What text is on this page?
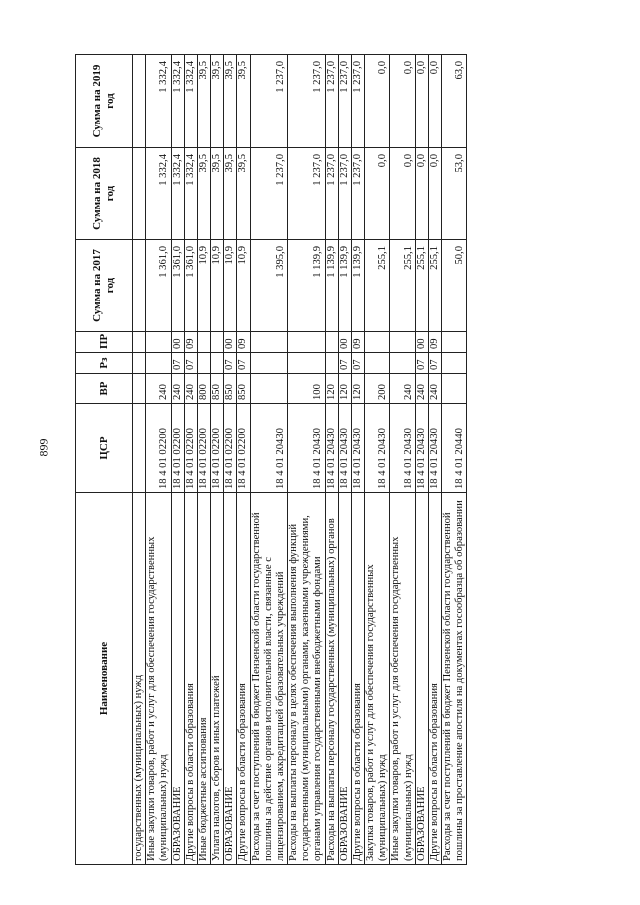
899
Наименование	ЦСР	ВР	Рз	ПР	Сумма на 2017 год	Сумма на 2018 год	Сумма на 2019 год
государственных (муниципальных) нужд							
Иные закупки товаров, работ и услуг для обеспечения государственных (муниципальных) нужд	18 4 01 02200	240			1 361,0	1 332,4	1 332,4
ОБРАЗОВАНИЕ	18 4 01 02200	240	07	00	1 361,0	1 332,4	1 332,4
Другие вопросы в области образования	18 4 01 02200	240	07	09	1 361,0	1 332,4	1 332,4
Иные бюджетные ассигнования	18 4 01 02200	800			10,9	39,5	39,5
Уплата налогов, сборов и иных платежей	18 4 01 02200	850			10,9	39,5	39,5
ОБРАЗОВАНИЕ	18 4 01 02200	850	07	00	10,9	39,5	39,5
Другие вопросы в области образования	18 4 01 02200	850	07	09	10,9	39,5	39,5
Расходы за счет поступлений в бюджет Пензенской области государственной пошлины за действие органов исполнительной власти, связанные с лицензированием, аккредитацией образовательных учреждений	18 4 01 20430				1 395,0	1 237,0	1 237,0
Расходы на выплаты персоналу в целях обеспечения выполнения функций государственными (муниципальными) органами, казенными учреждениями, органами управления государственными внебюджетными фондами	18 4 01 20430	100			1 139,9	1 237,0	1 237,0
Расходы на выплаты персоналу государственных (муниципальных) органов	18 4 01 20430	120			1 139,9	1 237,0	1 237,0
ОБРАЗОВАНИЕ	18 4 01 20430	120	07	00	1 139,9	1 237,0	1 237,0
Другие вопросы в области образования	18 4 01 20430	120	07	09	1 139,9	1 237,0	1 237,0
Закупка товаров, работ и услуг для обеспечения государственных (муниципальных) нужд	18 4 01 20430	200			255,1	0,0	0,0
Иные закупки товаров, работ и услуг для обеспечения государственных (муниципальных) нужд	18 4 01 20430	240			255,1	0,0	0,0
ОБРАЗОВАНИЕ	18 4 01 20430	240	07	00	255,1	0,0	0,0
Другие вопросы в области образования	18 4 01 20430	240	07	09	255,1	0,0	0,0
Расходы за счет поступлений в бюджет Пензенской области государственной пошлины за проставление апостиля на документах госообразца об образовании	18 4 01 20440				50,0	53,0	63,0
